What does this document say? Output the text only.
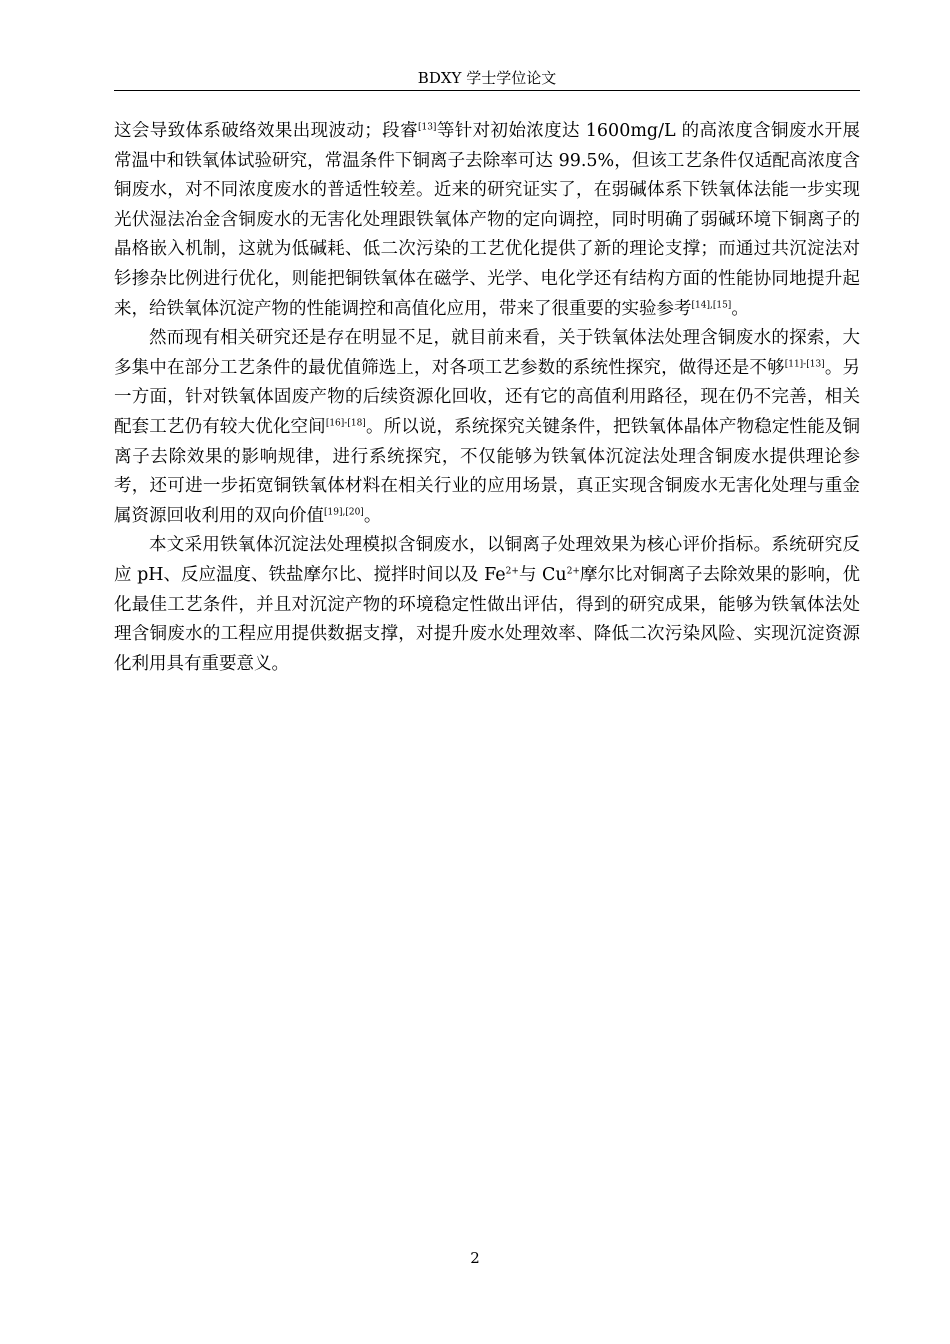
BDXY 学士学位论文

这会导致体系破络效果出现波动；段睿[13]等针对初始浓度达 1600mg/L 的高浓度含铜废水开展常温中和铁氧体试验研究，常温条件下铜离子去除率可达 99.5%，但该工艺条件仅适配高浓度含铜废水，对不同浓度废水的普适性较差。近来的研究证实了，在弱碱体系下铁氧体法能一步实现光伏湿法冶金含铜废水的无害化处理跟铁氧体产物的定向调控，同时明确了弱碱环境下铜离子的晶格嵌入机制，这就为低碱耗、低二次污染的工艺优化提供了新的理论支撑；而通过共沉淀法对钐掺杂比例进行优化，则能把铜铁氧体在磁学、光学、电化学还有结构方面的性能协同地提升起来，给铁氧体沉淀产物的性能调控和高值化应用，带来了很重要的实验参考[14],[15]。

然而现有相关研究还是存在明显不足，就目前来看，关于铁氧体法处理含铜废水的探索，大多集中在部分工艺条件的最优值筛选上，对各项工艺参数的系统性探究，做得还是不够[11]-[13]。另一方面，针对铁氧体固废产物的后续资源化回收，还有它的高值利用路径，现在仍不完善，相关配套工艺仍有较大优化空间[16]-[18]。所以说，系统探究关键条件，把铁氧体晶体产物稳定性能及铜离子去除效果的影响规律，进行系统探究，不仅能够为铁氧体沉淀法处理含铜废水提供理论参考，还可进一步拓宽铜铁氧体材料在相关行业的应用场景，真正实现含铜废水无害化处理与重金属资源回收利用的双向价值[19],[20]。

本文采用铁氧体沉淀法处理模拟含铜废水，以铜离子处理效果为核心评价指标。系统研究反应 pH、反应温度、铁盐摩尔比、搅拌时间以及 $Fe^{2+}$与 $Cu^{2+}$摩尔比对铜离子去除效果的影响，优化最佳工艺条件，并且对沉淀产物的环境稳定性做出评估，得到的研究成果，能够为铁氧体法处理含铜废水的工程应用提供数据支撑，对提升废水处理效率、降低二次污染风险、实现沉淀资源化利用具有重要意义。

2
